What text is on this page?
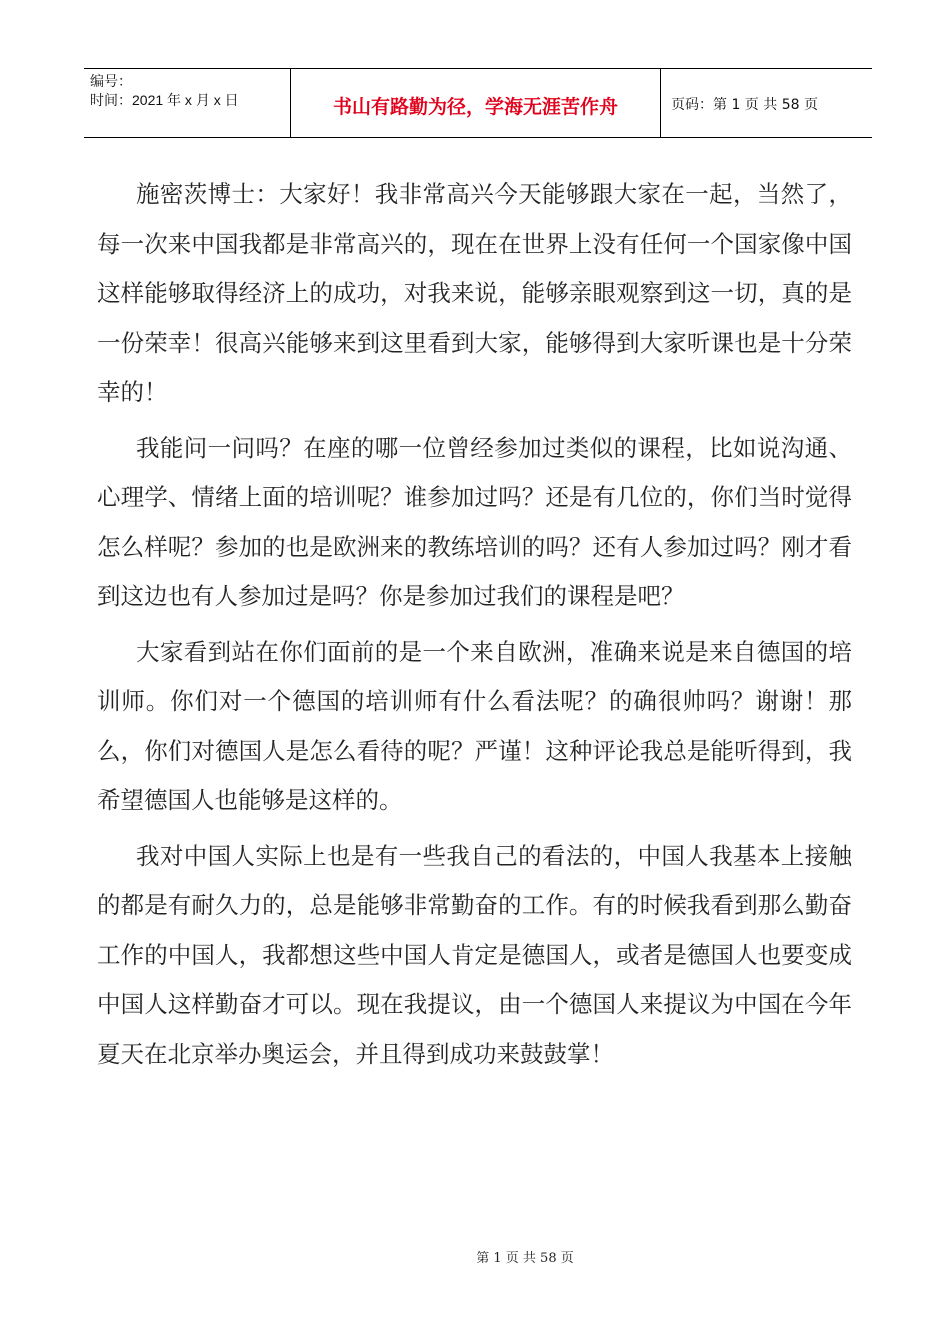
编号：
时间：2021 年 x 月 x 日	书山有路勤为径，学海无涯苦作舟	页码：第 1 页 共 58 页

施密茨博士：大家好！我非常高兴今天能够跟大家在一起，当然了，每一次来中国我都是非常高兴的，现在在世界上没有任何一个国家像中国这样能够取得经济上的成功，对我来说，能够亲眼观察到这一切，真的是一份荣幸！很高兴能够来到这里看到大家，能够得到大家听课也是十分荣幸的！

我能问一问吗？在座的哪一位曾经参加过类似的课程，比如说沟通、心理学、情绪上面的培训呢？谁参加过吗？还是有几位的，你们当时觉得怎么样呢？参加的也是欧洲来的教练培训的吗？还有人参加过吗？刚才看到这边也有人参加过是吗？你是参加过我们的课程是吧？

大家看到站在你们面前的是一个来自欧洲，准确来说是来自德国的培训师。你们对一个德国的培训师有什么看法呢？的确很帅吗？谢谢！那么，你们对德国人是怎么看待的呢？严谨！这种评论我总是能听得到，我希望德国人也能够是这样的。

我对中国人实际上也是有一些我自己的看法的，中国人我基本上接触的都是有耐久力的，总是能够非常勤奋的工作。有的时候我看到那么勤奋工作的中国人，我都想这些中国人肯定是德国人，或者是德国人也要变成中国人这样勤奋才可以。现在我提议，由一个德国人来提议为中国在今年夏天在北京举办奥运会，并且得到成功来鼓鼓掌！

第 1 页 共 58 页
